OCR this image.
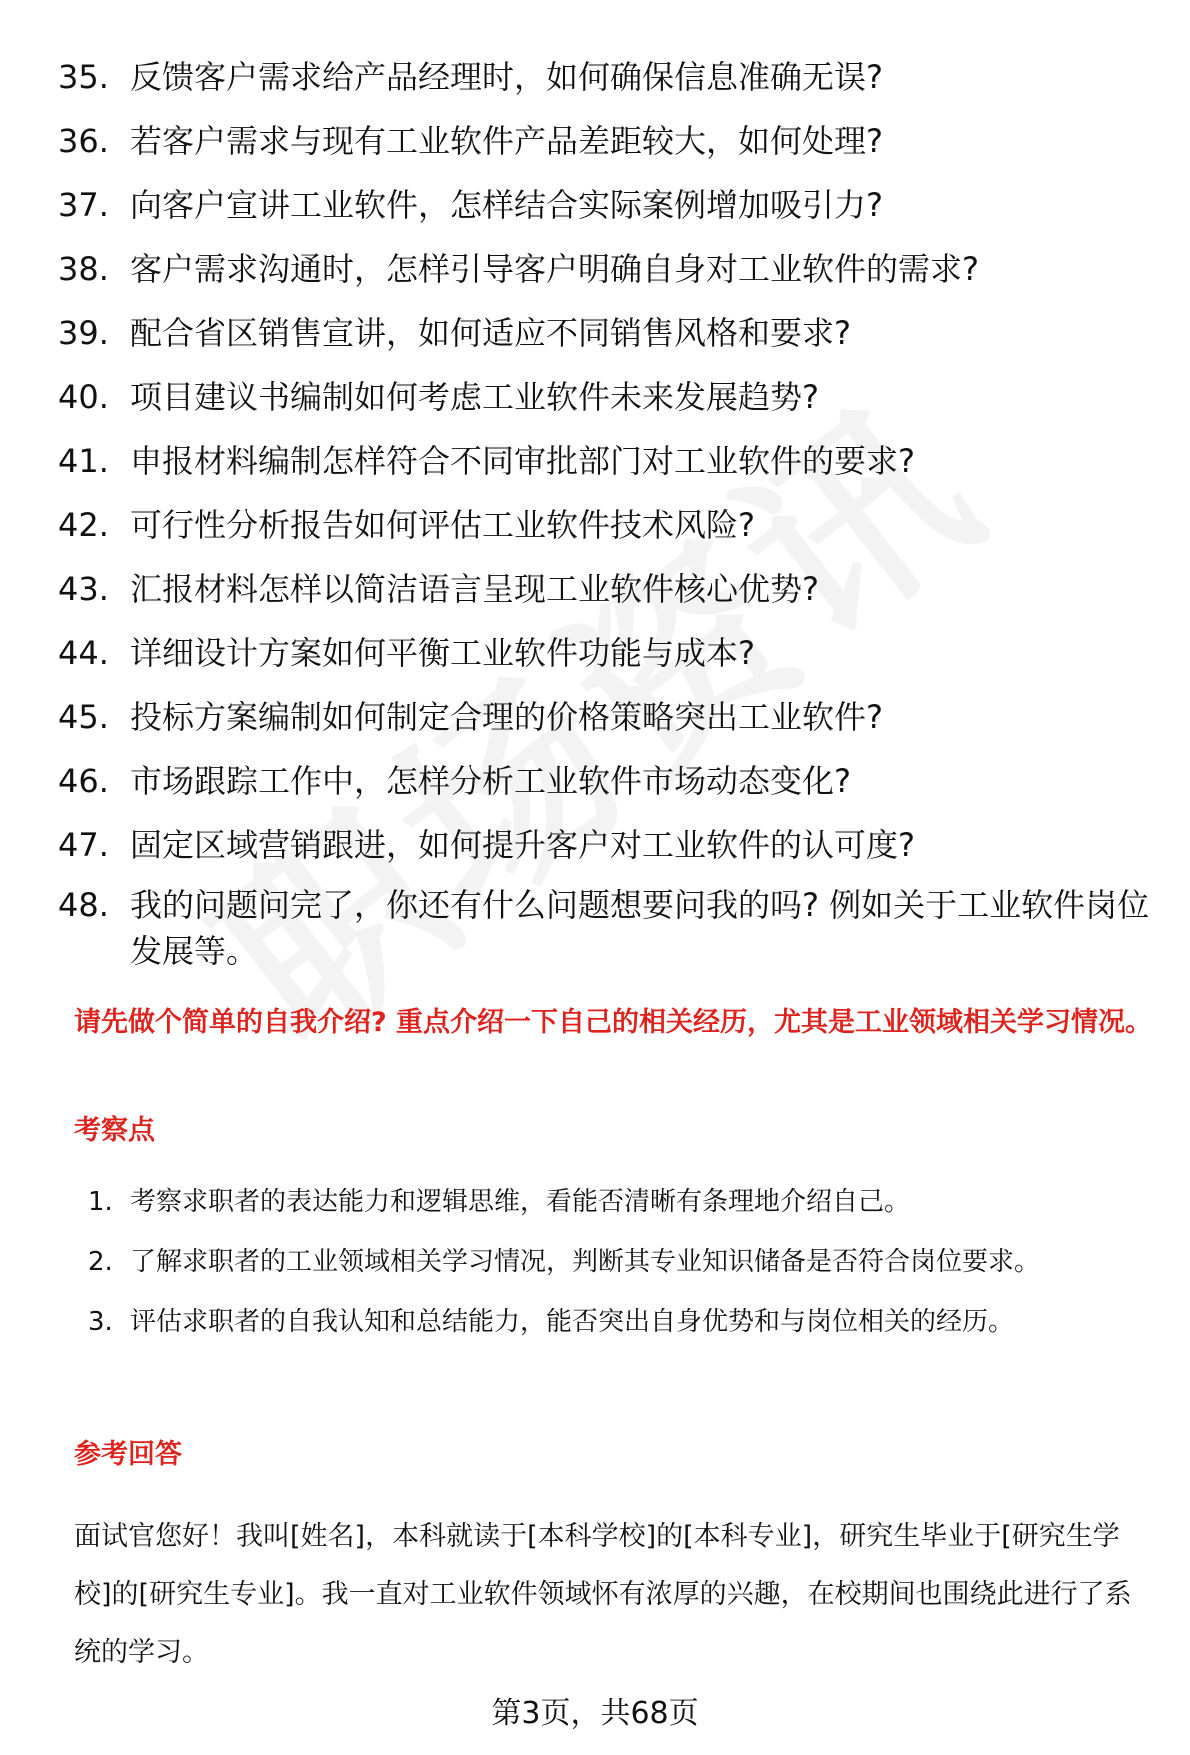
35. 反馈客户需求给产品经理时，如何确保信息准确无误?
36. 若客户需求与现有工业软件产品差距较大，如何处理?
37. 向客户宣讲工业软件，怎样结合实际案例增加吸引力?
38. 客户需求沟通时，怎样引导客户明确自身对工业软件的需求?
39. 配合省区销售宣讲，如何适应不同销售风格和要求?
40. 项目建议书编制如何考虑工业软件未来发展趋势?
41. 申报材料编制怎样符合不同审批部门对工业软件的要求?
42. 可行性分析报告如何评估工业软件技术风险?
43. 汇报材料怎样以简洁语言呈现工业软件核心优势?
44. 详细设计方案如何平衡工业软件功能与成本?
45. 投标方案编制如何制定合理的价格策略突出工业软件?
46. 市场跟踪工作中，怎样分析工业软件市场动态变化?
47. 固定区域营销跟进，如何提升客户对工业软件的认可度?
48. 我的问题问完了，你还有什么问题想要问我的吗? 例如关于工业软件岗位发展等。
请先做个简单的自我介绍? 重点介绍一下自己的相关经历，尤其是工业领域相关学习情况。
考察点
1. 考察求职者的表达能力和逻辑思维，看能否清晰有条理地介绍自己。
2. 了解求职者的工业领域相关学习情况，判断其专业知识储备是否符合岗位要求。
3. 评估求职者的自我认知和总结能力，能否突出自身优势和与岗位相关的经历。
参考回答

面试官您好！我叫[姓名]，本科就读于[本科学校]的[本科专业]，研究生毕业于[研究生学校]的[研究生专业]。我一直对工业软件领域怀有浓厚的兴趣，在校期间也围绕此进行了系统的学习。

第3页，共68页
